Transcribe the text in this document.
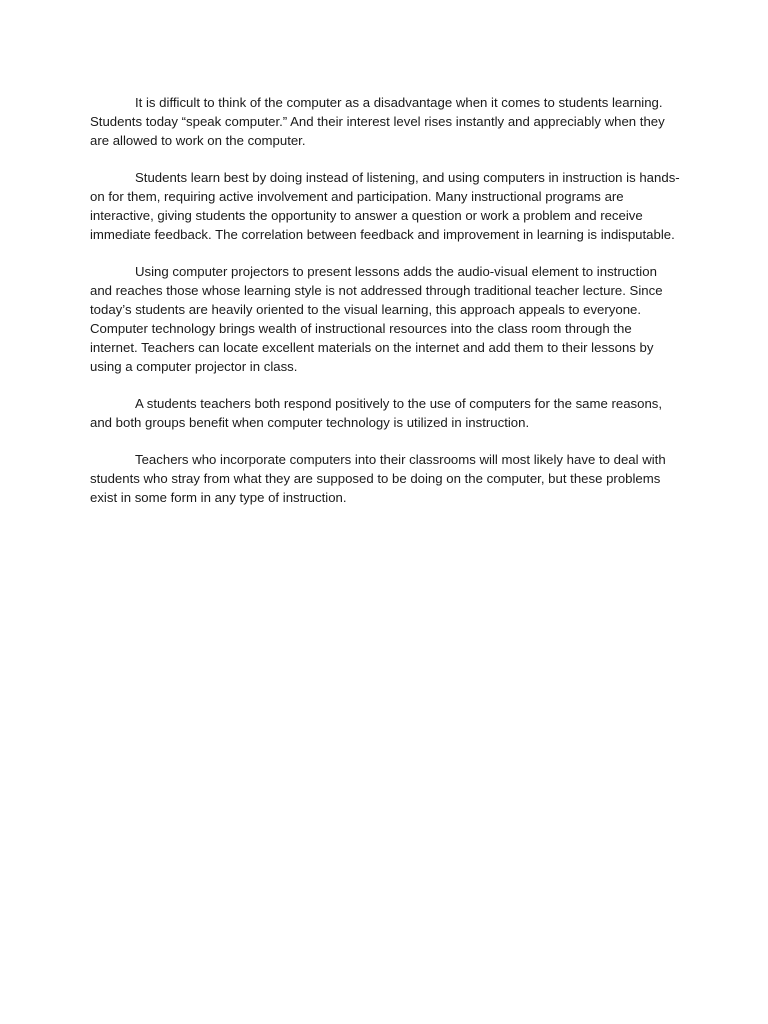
It is difficult to think of the computer as a disadvantage when it comes to students learning. Students today “speak computer.” And their interest level rises instantly and appreciably when they are allowed to work on the computer.

Students learn best by doing instead of listening, and using computers in instruction is hands-on for them, requiring active involvement and participation. Many instructional programs are interactive, giving students the opportunity to answer a question or work a problem and receive immediate feedback. The correlation between feedback and improvement in learning is indisputable.

Using computer projectors to present lessons adds the audio-visual element to instruction and reaches those whose learning style is not addressed through traditional teacher lecture. Since today’s students are heavily oriented to the visual learning, this approach appeals to everyone. Computer technology brings wealth of instructional resources into the class room through the internet. Teachers can locate excellent materials on the internet and add them to their lessons by using a computer projector in class.

A students teachers both respond positively to the use of computers for the same reasons, and both groups benefit when computer technology is utilized in instruction.

Teachers who incorporate computers into their classrooms will most likely have to deal with students who stray from what they are supposed to be doing on the computer, but these problems exist in some form in any type of instruction.
